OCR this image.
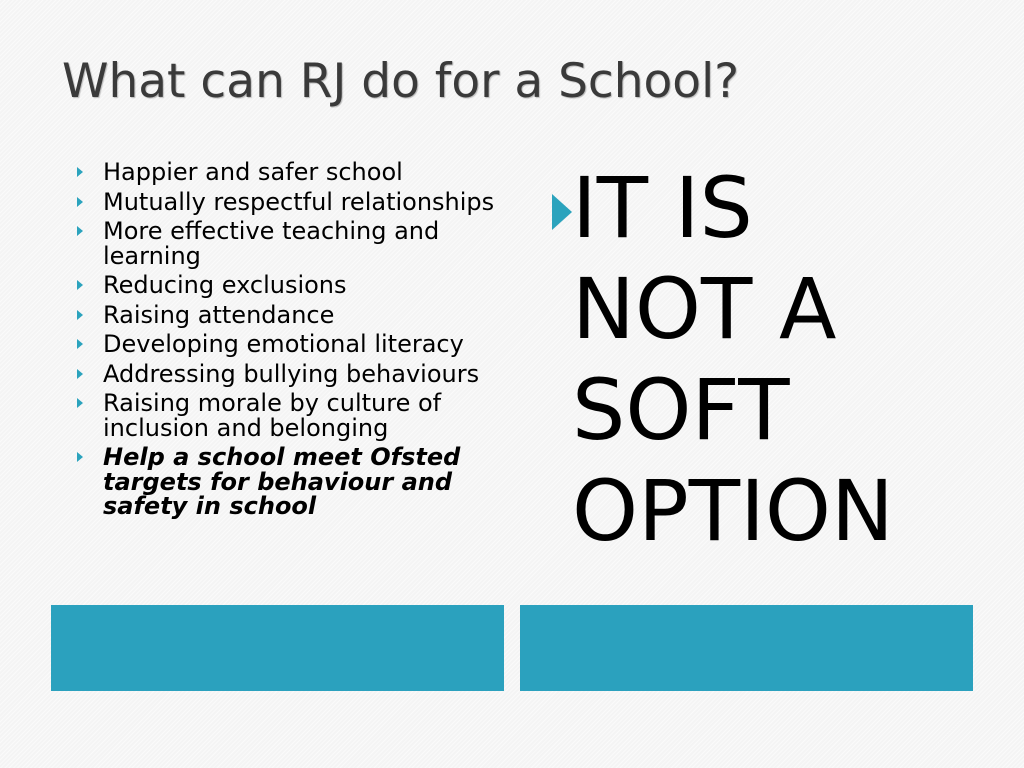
What can RJ do for a School?
Happier and safer school
Mutually respectful relationships
More effective teaching and learning
Reducing exclusions
Raising attendance
Developing emotional literacy
Addressing bullying behaviours
Raising morale by culture of inclusion and belonging
Help a school meet Ofsted targets for behaviour and safety in school

IT IS
NOT A
SOFT
OPTION
